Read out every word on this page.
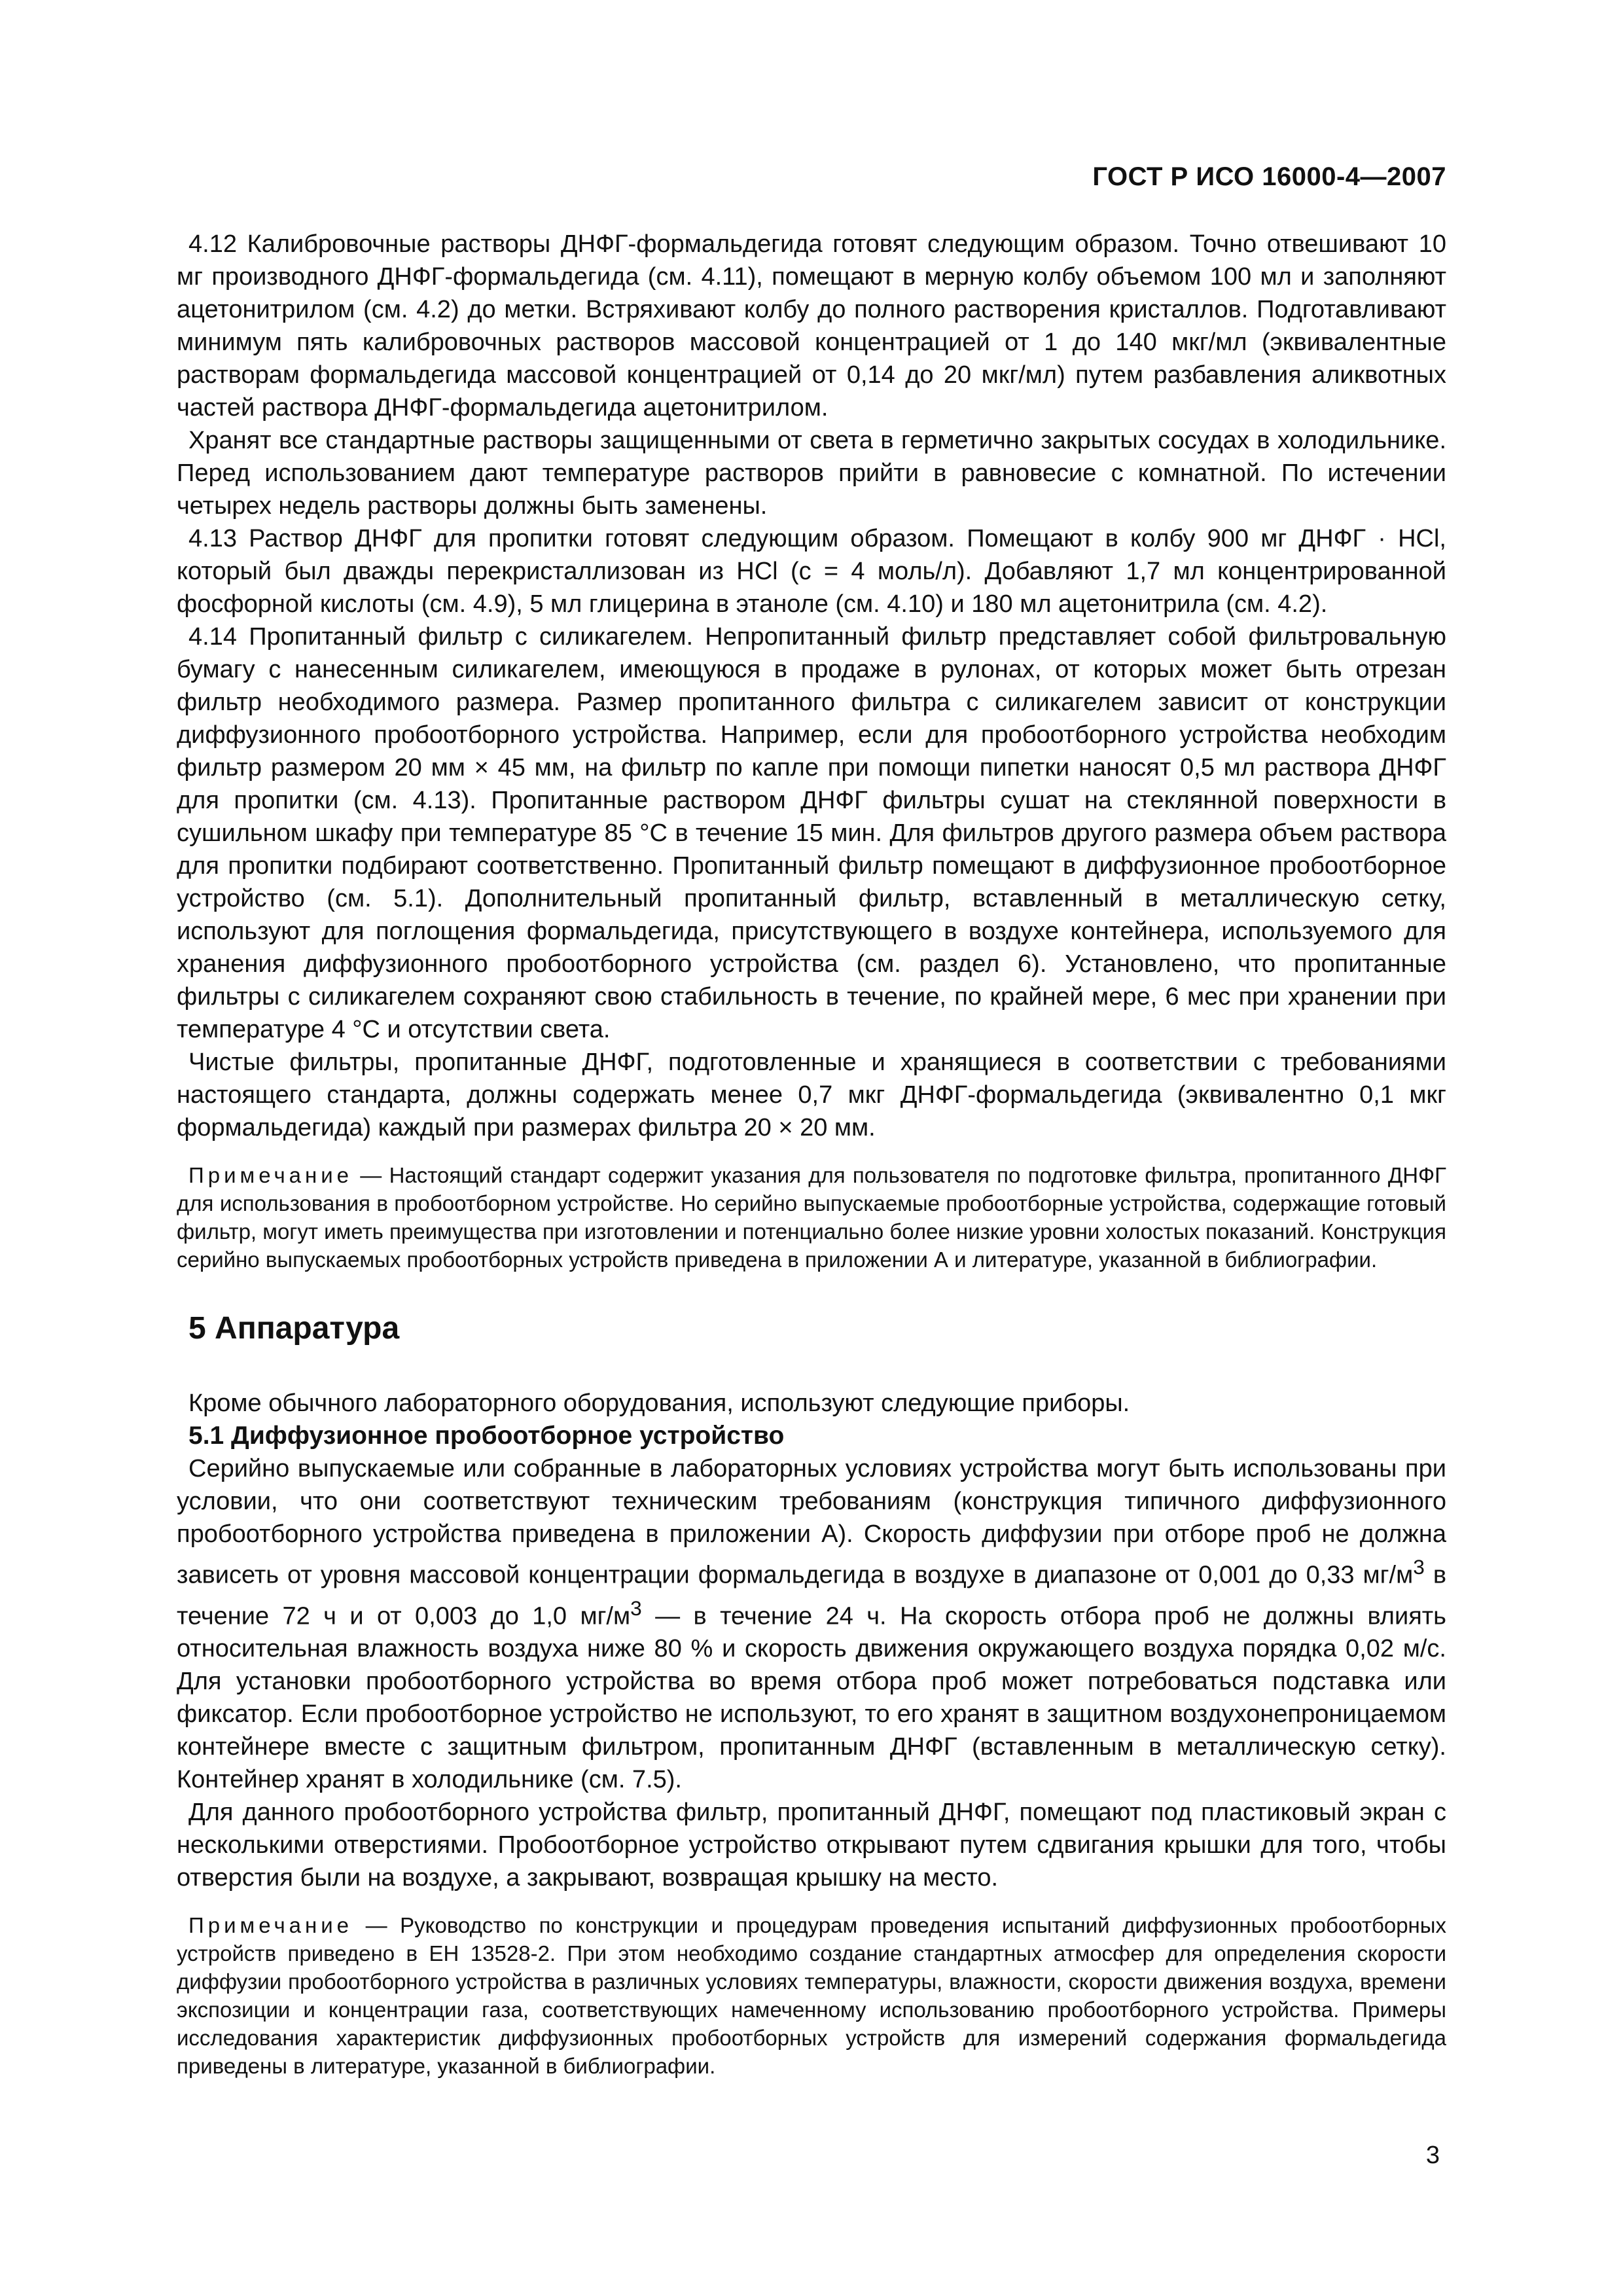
ГОСТ Р ИСО 16000-4—2007

4.12 Калибровочные растворы ДНФГ-формальдегида готовят следующим образом. Точно отвешивают 10 мг производного ДНФГ-формальдегида (см. 4.11), помещают в мерную колбу объемом 100 мл и заполняют ацетонитрилом (см. 4.2) до метки. Встряхивают колбу до полного растворения кристаллов. Подготавливают минимум пять калибровочных растворов массовой концентрацией от 1 до 140 мкг/мл (эквивалентные растворам формальдегида массовой концентрацией от 0,14 до 20 мкг/мл) путем разбавления аликвотных частей раствора ДНФГ-формальдегида ацетонитрилом.

Хранят все стандартные растворы защищенными от света в герметично закрытых сосудах в холодильнике. Перед использованием дают температуре растворов прийти в равновесие с комнатной. По истечении четырех недель растворы должны быть заменены.

4.13 Раствор ДНФГ для пропитки готовят следующим образом. Помещают в колбу 900 мг ДНФГ · HCl, который был дважды перекристаллизован из HCl (c = 4 моль/л). Добавляют 1,7 мл концентрированной фосфорной кислоты (см. 4.9), 5 мл глицерина в этаноле (см. 4.10) и 180 мл ацетонитрила (см. 4.2).

4.14 Пропитанный фильтр с силикагелем. Непропитанный фильтр представляет собой фильтровальную бумагу с нанесенным силикагелем, имеющуюся в продаже в рулонах, от которых может быть отрезан фильтр необходимого размера. Размер пропитанного фильтра с силикагелем зависит от конструкции диффузионного пробоотборного устройства. Например, если для пробоотборного устройства необходим фильтр размером 20 мм × 45 мм, на фильтр по капле при помощи пипетки наносят 0,5 мл раствора ДНФГ для пропитки (см. 4.13). Пропитанные раствором ДНФГ фильтры сушат на стеклянной поверхности в сушильном шкафу при температуре 85 °С в течение 15 мин. Для фильтров другого размера объем раствора для пропитки подбирают соответственно. Пропитанный фильтр помещают в диффузионное пробоотборное устройство (см. 5.1). Дополнительный пропитанный фильтр, вставленный в металлическую сетку, используют для поглощения формальдегида, присутствующего в воздухе контейнера, используемого для хранения диффузионного пробоотборного устройства (см. раздел 6). Установлено, что пропитанные фильтры с силикагелем сохраняют свою стабильность в течение, по крайней мере, 6 мес при хранении при температуре 4 °С и отсутствии света.

Чистые фильтры, пропитанные ДНФГ, подготовленные и хранящиеся в соответствии с требованиями настоящего стандарта, должны содержать менее 0,7 мкг ДНФГ-формальдегида (эквивалентно 0,1 мкг формальдегида) каждый при размерах фильтра 20 × 20 мм.

Примечание — Настоящий стандарт содержит указания для пользователя по подготовке фильтра, пропитанного ДНФГ для использования в пробоотборном устройстве. Но серийно выпускаемые пробоотборные устройства, содержащие готовый фильтр, могут иметь преимущества при изготовлении и потенциально более низкие уровни холостых показаний. Конструкция серийно выпускаемых пробоотборных устройств приведена в приложении А и литературе, указанной в библиографии.

5 Аппаратура

Кроме обычного лабораторного оборудования, используют следующие приборы.

5.1 Диффузионное пробоотборное устройство

Серийно выпускаемые или собранные в лабораторных условиях устройства могут быть использованы при условии, что они соответствуют техническим требованиям (конструкция типичного диффузионного пробоотборного устройства приведена в приложении А). Скорость диффузии при отборе проб не должна зависеть от уровня массовой концентрации формальдегида в воздухе в диапазоне от 0,001 до 0,33 $мг/м^3$ в течение 72 ч и от 0,003 до 1,0 $мг/м^3$ — в течение 24 ч. На скорость отбора проб не должны влиять относительная влажность воздуха ниже 80 % и скорость движения окружающего воздуха порядка 0,02 м/с. Для установки пробоотборного устройства во время отбора проб может потребоваться подставка или фиксатор. Если пробоотборное устройство не используют, то его хранят в защитном воздухонепроницаемом контейнере вместе с защитным фильтром, пропитанным ДНФГ (вставленным в металлическую сетку). Контейнер хранят в холодильнике (см. 7.5).

Для данного пробоотборного устройства фильтр, пропитанный ДНФГ, помещают под пластиковый экран с несколькими отверстиями. Пробоотборное устройство открывают путем сдвигания крышки для того, чтобы отверстия были на воздухе, а закрывают, возвращая крышку на место.

Примечание — Руководство по конструкции и процедурам проведения испытаний диффузионных пробоотборных устройств приведено в ЕН 13528-2. При этом необходимо создание стандартных атмосфер для определения скорости диффузии пробоотборного устройства в различных условиях температуры, влажности, скорости движения воздуха, времени экспозиции и концентрации газа, соответствующих намеченному использованию пробоотборного устройства. Примеры исследования характеристик диффузионных пробоотборных устройств для измерений содержания формальдегида приведены в литературе, указанной в библиографии.

3
